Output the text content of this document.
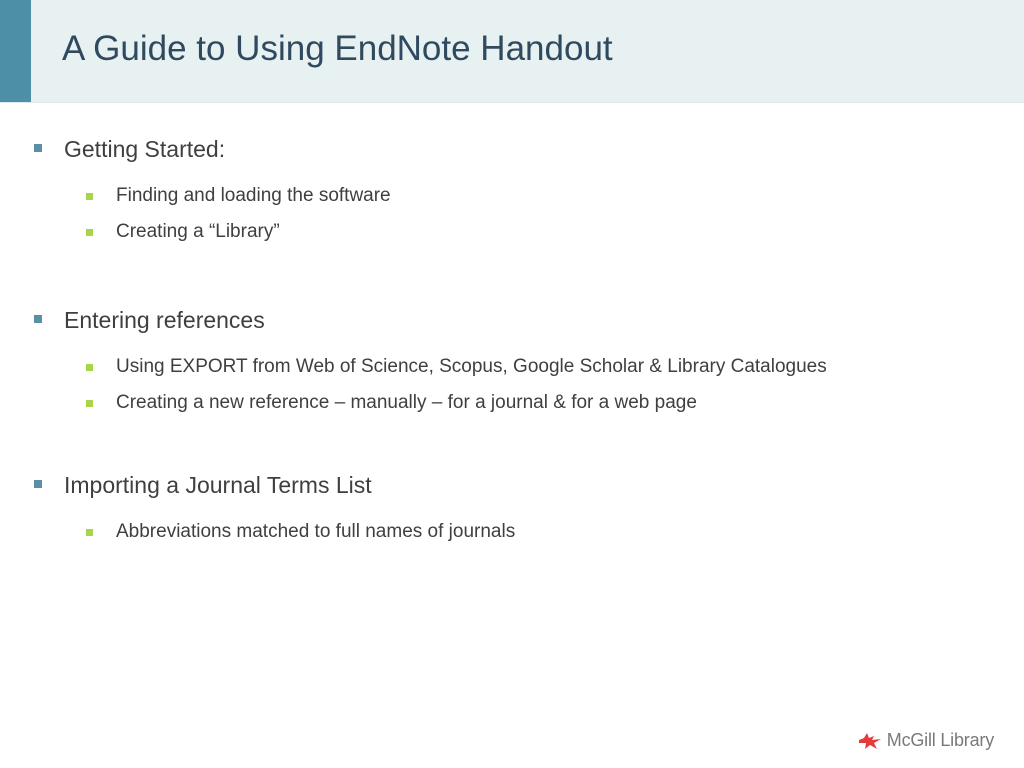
A Guide to Using EndNote Handout
Getting Started:
Finding and loading the software
Creating a “Library”
Entering references
Using EXPORT from Web of Science, Scopus, Google Scholar & Library Catalogues
Creating a new reference – manually – for a journal & for a web page
Importing a Journal Terms List
Abbreviations matched to full names of journals
McGill Library
